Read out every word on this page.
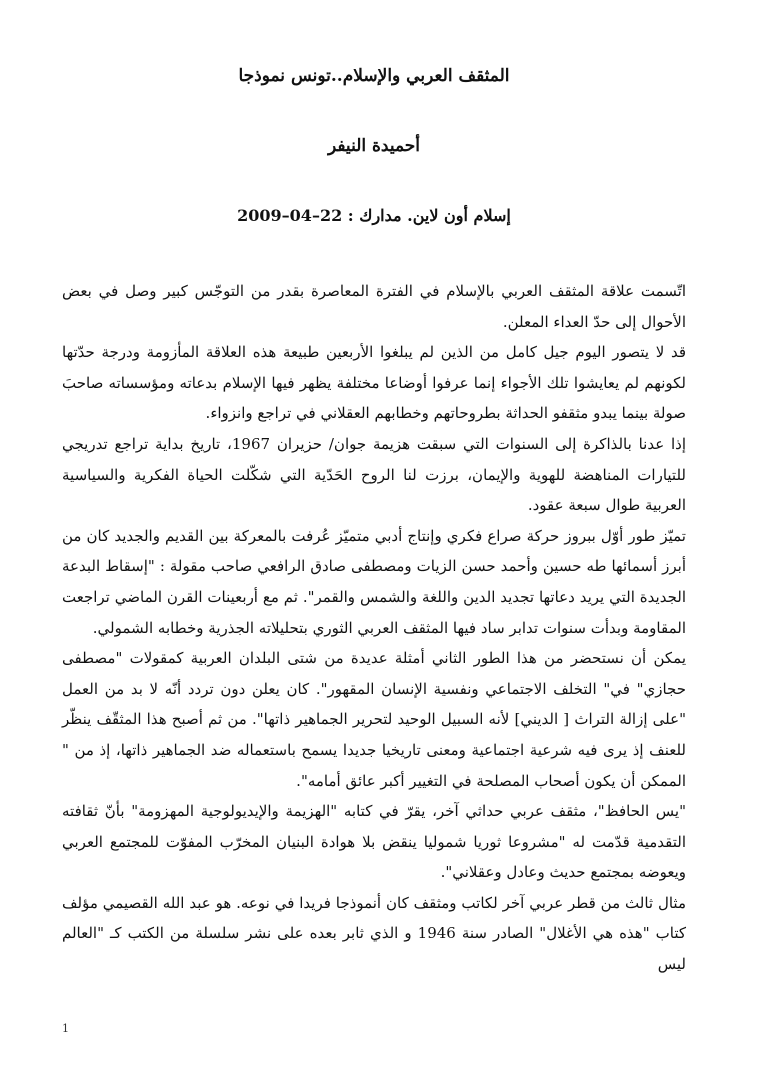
المثقف العربي والإسلام..تونس نموذجا
أحميدة النيفر
إسلام أون لاين. مدارك : 22–04–2009

اتّسمت علاقة المثقف العربي بالإسلام في الفترة المعاصرة بقدر من التوجّس كبير وصل في بعض الأحوال إلى حدّ العداء المعلن.

قد لا يتصور اليوم جيل كامل من الذين لم يبلغوا الأربعين طبيعة هذه العلاقة المأزومة ودرجة حدّتها لكونهم لم يعايشوا تلك الأجواء إنما عرفوا أوضاعا مختلفة يظهر فيها الإسلام بدعاته ومؤسساته صاحبَ صولة بينما يبدو مثقفو الحداثة بطروحاتهم وخطابهم العقلاني في تراجع وانزواء.

إذا عدنا بالذاكرة إلى السنوات التي سبقت هزيمة جوان/ حزيران 1967، تاريخ بداية تراجع تدريجي للتيارات المناهضة للهوية والإيمان، برزت لنا الروح الحَدّية التي شكّلت الحياة الفكرية والسياسية العربية طوال سبعة عقود.

تميّز طور أوّل ببروز حركة صراع فكري وإنتاج أدبي متميّز عُرفت بالمعركة بين القديم والجديد كان من أبرز أسمائها طه حسين وأحمد حسن الزيات ومصطفى صادق الرافعي صاحب مقولة : "إسقاط البدعة الجديدة التي يريد دعاتها تجديد الدين واللغة والشمس والقمر". ثم مع أربعينات القرن الماضي تراجعت المقاومة وبدأت سنوات تدابر ساد فيها المثقف العربي الثوري بتحليلاته الجذرية وخطابه الشمولي.

يمكن أن نستحضر من هذا الطور الثاني أمثلة عديدة من شتى البلدان العربية كمقولات "مصطفى حجازي" في" التخلف الاجتماعي ونفسية الإنسان المقهور". كان يعلن دون تردد أنّه لا بد من العمل "على إزالة التراث [ الديني] لأنه السبيل الوحيد لتحرير الجماهير ذاتها". من ثم أصبح هذا المثقّف ينظّر للعنف إذ يرى فيه شرعية اجتماعية ومعنى تاريخيا جديدا يسمح باستعماله ضد الجماهير ذاتها، إذ من " الممكن أن يكون أصحاب المصلحة في التغيير أكبر عائق أمامه".

"يس الحافظ"، مثقف عربي حداثي آخر، يقرّ في كتابه "الهزيمة والإيديولوجية المهزومة" بأنّ ثقافته التقدمية قدّمت له "مشروعا ثوريا شموليا ينقض بلا هوادة البنيان المخرّب المفوّت للمجتمع العربي ويعوضه بمجتمع حديث وعادل وعقلاني".

مثال ثالث من قطر عربي آخر لكاتب ومثقف كان أنموذجا فريدا في نوعه. هو عبد الله القصيمي مؤلف كتاب "هذه هي الأغلال" الصادر سنة 1946 و الذي ثابر بعده على نشر سلسلة من الكتب كـ "العالم ليس

1
